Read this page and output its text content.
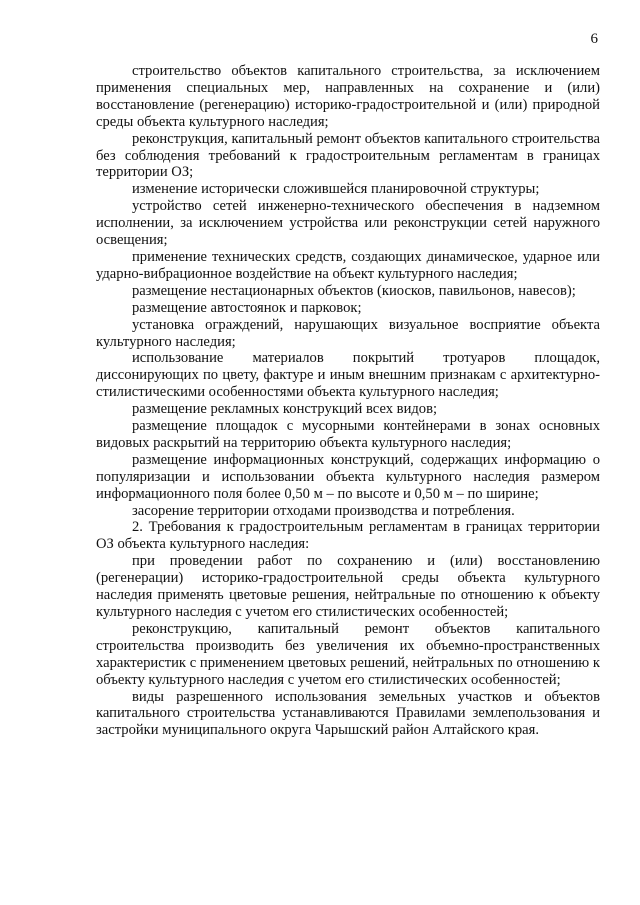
6

строительство объектов капитального строительства, за исключением применения специальных мер, направленных на сохранение и (или) восстановление (регенерацию) историко-градостроительной и (или) природной среды объекта культурного наследия;

реконструкция, капитальный ремонт объектов капитального строительства без соблюдения требований к градостроительным регламентам в границах территории ОЗ;

изменение исторически сложившейся планировочной структуры;

устройство сетей инженерно-технического обеспечения в надземном исполнении, за исключением устройства или реконструкции сетей наружного освещения;

применение технических средств, создающих динамическое, ударное или ударно-вибрационное воздействие на объект культурного наследия;

размещение нестационарных объектов (киосков, павильонов, навесов);

размещение автостоянок и парковок;

установка ограждений, нарушающих визуальное восприятие объекта культурного наследия;

использование материалов покрытий тротуаров площадок, диссонирующих по цвету, фактуре и иным внешним признакам с архитектурно-стилистическими особенностями объекта культурного наследия;

размещение рекламных конструкций всех видов;

размещение площадок с мусорными контейнерами в зонах основных видовых раскрытий на территорию объекта культурного наследия;

размещение информационных конструкций, содержащих информацию о популяризации и использовании объекта культурного наследия размером информационного поля более 0,50 м – по высоте и 0,50 м – по ширине;

засорение территории отходами производства и потребления.

2. Требования к градостроительным регламентам в границах территории ОЗ объекта культурного наследия:

при проведении работ по сохранению и (или) восстановлению (регенерации) историко-градостроительной среды объекта культурного наследия применять цветовые решения, нейтральные по отношению к объекту культурного наследия с учетом его стилистических особенностей;

реконструкцию, капитальный ремонт объектов капитального строительства производить без увеличения их объемно-пространственных характеристик с применением цветовых решений, нейтральных по отношению к объекту культурного наследия с учетом его стилистических особенностей;

виды разрешенного использования земельных участков и объектов капитального строительства устанавливаются Правилами землепользования и застройки муниципального округа Чарышский район Алтайского края.
